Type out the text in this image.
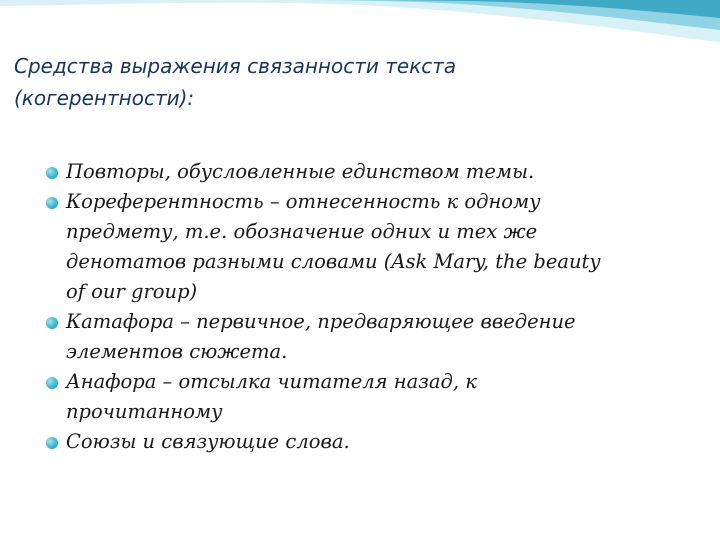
Средства выражения связанности текста
(когерентности):
Повторы, обусловленные единством темы.
Кореферентность – отнесенность к одному
предмету, т.е. обозначение одних и тех же
денотатов разными словами (Ask Mary, the beauty
of our group)
Катафора – первичное, предваряющее введение
элементов сюжета.
Анафора – отсылка читателя назад, к
прочитанному
Союзы и связующие слова.
